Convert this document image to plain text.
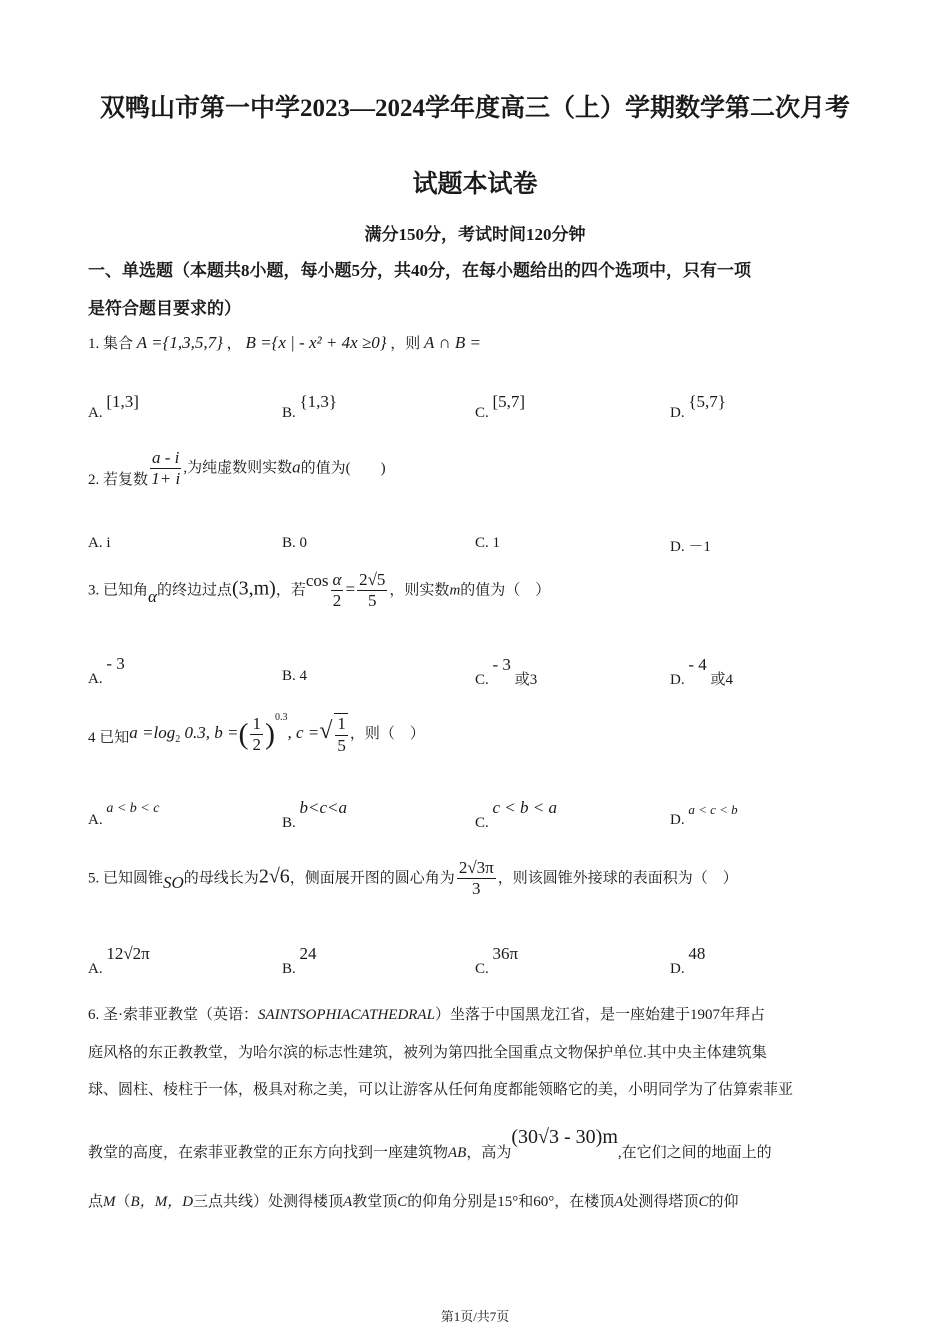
双鸭山市第一中学2023—2024学年度高三（上）学期数学第二次月考
试题本试卷
满分150分，考试时间120分钟
一、单选题（本题共8小题，每小题5分，共40分，在每小题给出的四个选项中，只有一项
是符合题目要求的）
1. 集合 A ={1,3,5,7} ， B ={x | - x² + 4x ≥0} ，则 A ∩ B =
A. [1,3]
B. {1,3}
C. [5,7]
D. {5,7}
2. 若复数 $\frac{a - i}{1+ i}$ ,为纯虚数则实数a的值为(　　)
A. i	B. 0	C. 1	D. －1
3. 已知角α的终边过点(3,m)，若$\cos \frac{\alpha}{2} = \frac{2√5}{5}$ ，则实数m的值为（　）
A. - 3
B. 4	C. - 3 或3	D. - 4 或4
4 已知$a =\log_2$ 0.3, b =( $\frac{1}{2} )^{0.3}$, c =√ $\frac{1}{5}$ ，则（　）
A. a < b < c
B. b<c<a
C. c < b < a
D. a < c < b
5. 已知圆锥SO的母线长为2√6，侧面展开图的圆心角为 $\frac{2√3\pi}{3}$ ，则该圆锥外接球的表面积为（　）
A. 12√2π
B. 24
C. 36π
D. 48
6. 圣·索菲亚教堂（英语：SAINTSOPHIACATHEDRAL）坐落于中国黑龙江省，是一座始建于1907年拜占
庭风格的东正教教堂，为哈尔滨的标志性建筑，被列为第四批全国重点文物保护单位.其中央主体建筑集
球、圆柱、棱柱于一体，极具对称之美，可以让游客从任何角度都能领略它的美，小明同学为了估算索菲亚
教堂的高度，在索菲亚教堂的正东方向找到一座建筑物AB，高为(30√3 - 30)m,在它们之间的地面上的
点M（B，M，D三点共线）处测得楼顶A教堂顶C的仰角分别是15°和60°，在楼顶A处测得塔顶C的仰
第1页/共7页
